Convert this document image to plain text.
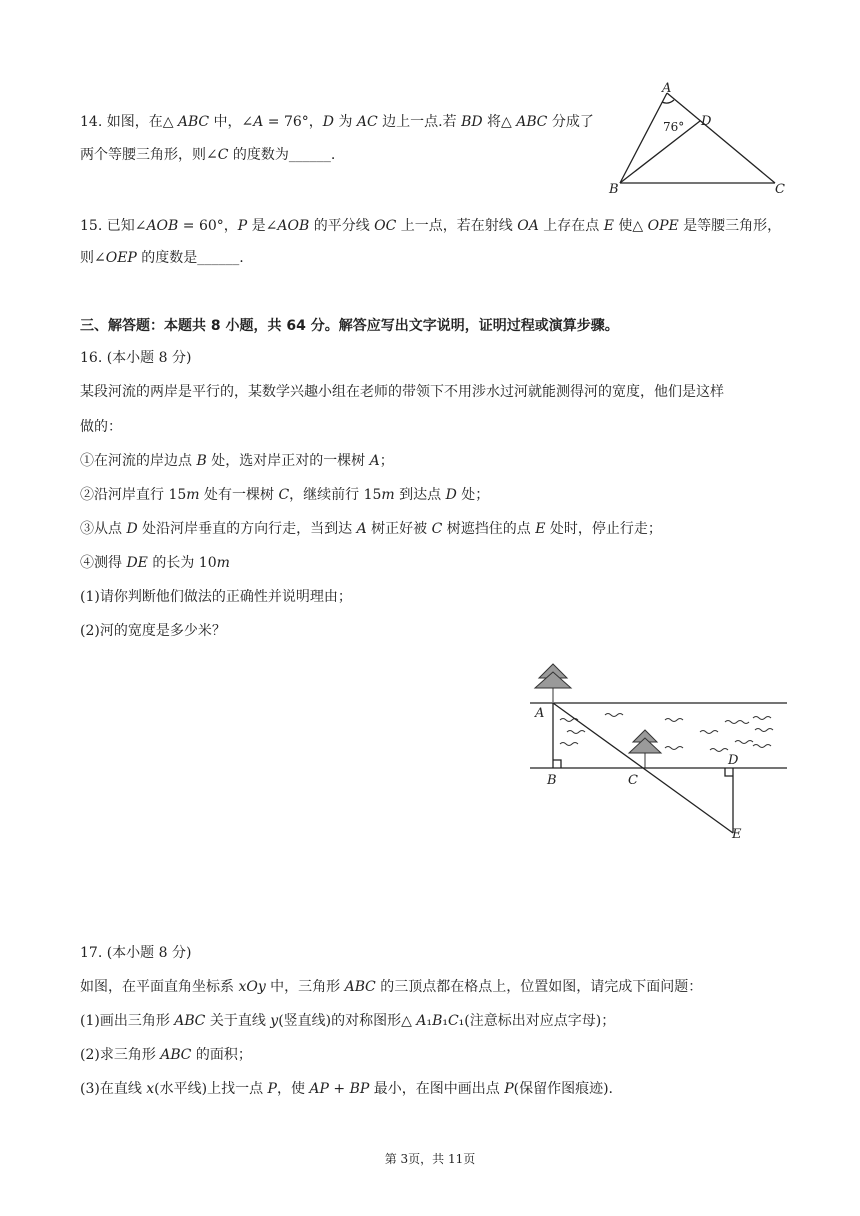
14. 如图，在△ 𝐴𝐵𝐶 中，∠𝐴 = 76°，𝐷 为 𝐴𝐶 边上一点.若 𝐵𝐷 将△ 𝐴𝐵𝐶 分成了
两个等腰三角形，则∠𝐶 的度数为______.
A
B	C
D
76°
15. 已知∠𝐴𝑂𝐵 = 60°，𝑃 是∠𝐴𝑂𝐵 的平分线 𝑂𝐶 上一点，若在射线 𝑂𝐴 上存在点 𝐸 使△ 𝑂𝑃𝐸 是等腰三角形，
则∠𝑂𝐸𝑃 的度数是______.
三、解答题：本题共 8 小题，共 64 分。解答应写出文字说明，证明过程或演算步骤。
16. (本小题 8 分)
某段河流的两岸是平行的，某数学兴趣小组在老师的带领下不用涉水过河就能测得河的宽度，他们是这样
做的：
①在河流的岸边点 𝐵 处，选对岸正对的一棵树 𝐴；
②沿河岸直行 15𝑚 处有一棵树 𝐶，继续前行 15𝑚 到达点 𝐷 处；
③从点 𝐷 处沿河岸垂直的方向行走，当到达 𝐴 树正好被 𝐶 树遮挡住的点 𝐸 处时，停止行走；
④测得 𝐷𝐸 的长为 10𝑚
(1)请你判断他们做法的正确性并说明理由；
(2)河的宽度是多少米？
A
B	C
D
E
17. (本小题 8 分)
如图，在平面直角坐标系 𝑥𝑂𝑦 中，三角形 𝐴𝐵𝐶 的三顶点都在格点上，位置如图，请完成下面问题：
(1)画出三角形 𝐴𝐵𝐶 关于直线 𝑦(竖直线)的对称图形△ 𝐴₁𝐵₁𝐶₁(注意标出对应点字母)；
(2)求三角形 𝐴𝐵𝐶 的面积；
(3)在直线 𝑥(水平线)上找一点 𝑃，使 𝐴𝑃 + 𝐵𝑃 最小，在图中画出点 𝑃(保留作图痕迹).
第 3页，共 11页
